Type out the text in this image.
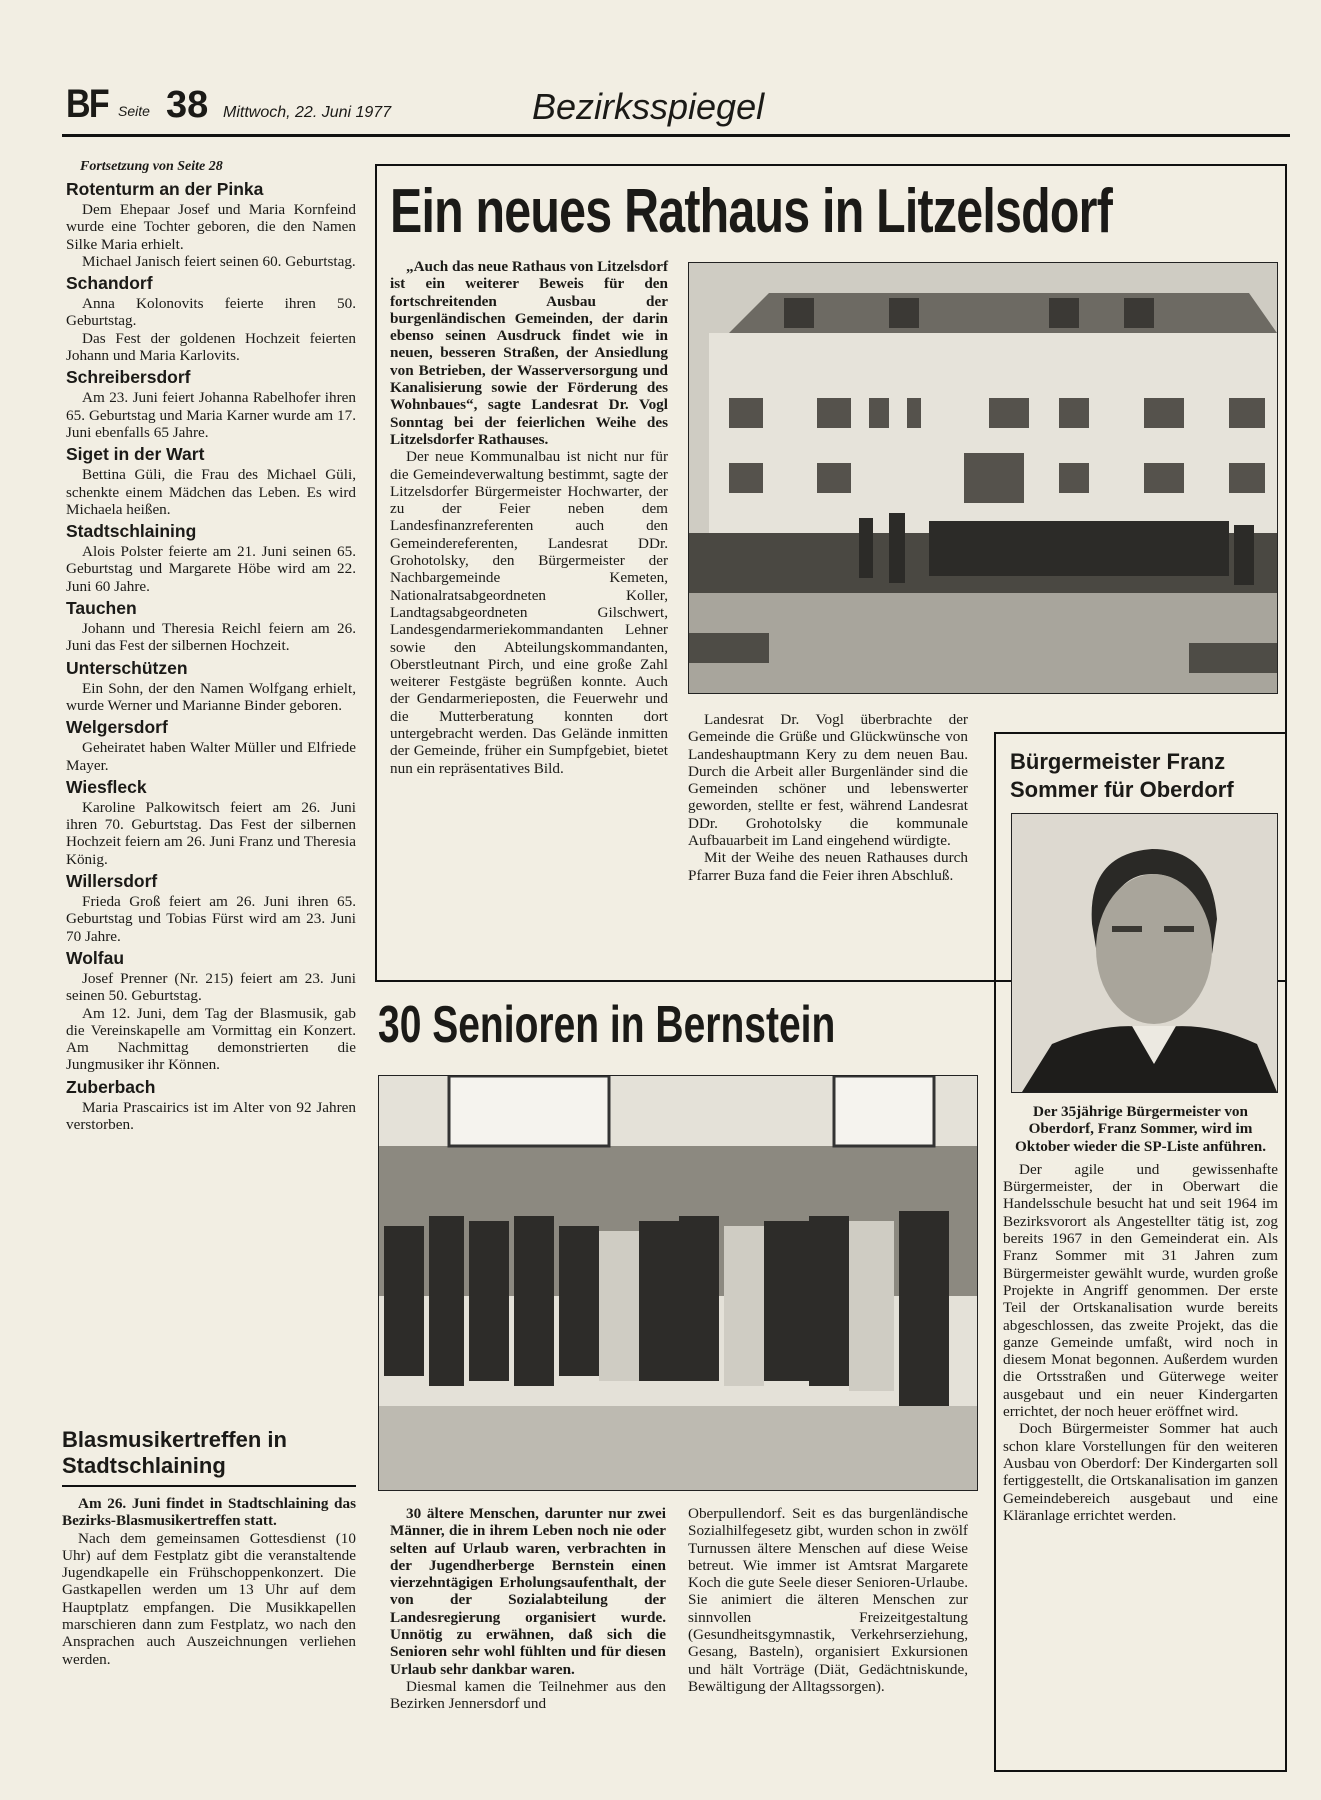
BF Seite 38 Mittwoch, 22. Juni 1977	Bezirksspiegel
Fortsetzung von Seite 28
Rotenturm an der Pinka

Dem Ehepaar Josef und Maria Kornfeind wurde eine Tochter geboren, die den Namen Silke Maria erhielt.

Michael Janisch feiert seinen 60. Geburtstag.

Schandorf

Anna Kolonovits feierte ihren 50. Geburtstag.

Das Fest der goldenen Hochzeit feierten Johann und Maria Karlovits.

Schreibersdorf

Am 23. Juni feiert Johanna Rabelhofer ihren 65. Geburtstag und Maria Karner wurde am 17. Juni ebenfalls 65 Jahre.

Siget in der Wart

Bettina Güli, die Frau des Michael Güli, schenkte einem Mädchen das Leben. Es wird Michaela heißen.

Stadtschlaining

Alois Polster feierte am 21. Juni seinen 65. Geburtstag und Margarete Höbe wird am 22. Juni 60 Jahre.

Tauchen

Johann und Theresia Reichl feiern am 26. Juni das Fest der silbernen Hochzeit.

Unterschützen

Ein Sohn, der den Namen Wolfgang erhielt, wurde Werner und Marianne Binder geboren.

Welgersdorf

Geheiratet haben Walter Müller und Elfriede Mayer.

Wiesfleck

Karoline Palkowitsch feiert am 26. Juni ihren 70. Geburtstag. Das Fest der silbernen Hochzeit feiern am 26. Juni Franz und Theresia König.

Willersdorf

Frieda Groß feiert am 26. Juni ihren 65. Geburtstag und Tobias Fürst wird am 23. Juni 70 Jahre.

Wolfau

Josef Prenner (Nr. 215) feiert am 23. Juni seinen 50. Geburtstag.

Am 12. Juni, dem Tag der Blasmusik, gab die Vereinskapelle am Vormittag ein Konzert. Am Nachmittag demonstrierten die Jungmusiker ihr Können.

Zuberbach

Maria Prascairics ist im Alter von 92 Jahren verstorben.

Blasmusikertreffen in Stadtschlaining

Am 26. Juni findet in Stadtschlaining das Bezirks-Blasmusikertreffen statt.

Nach dem gemeinsamen Gottesdienst (10 Uhr) auf dem Festplatz gibt die veranstaltende Jugendkapelle ein Frühschoppenkonzert. Die Gastkapellen werden um 13 Uhr auf dem Hauptplatz empfangen. Die Musikkapellen marschieren dann zum Festplatz, wo nach den Ansprachen auch Auszeichnungen verliehen werden.

Ein neues Rathaus in Litzelsdorf

„Auch das neue Rathaus von Litzelsdorf ist ein weiterer Beweis für den fortschreitenden Ausbau der burgenländischen Gemeinden, der darin ebenso seinen Ausdruck findet wie in neuen, besseren Straßen, der Ansiedlung von Betrieben, der Wasserversorgung und Kanalisierung sowie der Förderung des Wohnbaues“, sagte Landesrat Dr. Vogl Sonntag bei der feierlichen Weihe des Litzelsdorfer Rathauses.

Der neue Kommunalbau ist nicht nur für die Gemeindeverwaltung bestimmt, sagte der Litzelsdorfer Bürgermeister Hochwarter, der zu der Feier neben dem Landesfinanzreferenten auch den Gemeindereferenten, Landesrat DDr. Grohotolsky, den Bürgermeister der Nachbargemeinde Kemeten, Nationalratsabgeordneten Koller, Landtagsabgeordneten Gilschwert, Landesgendarmeriekommandanten Lehner sowie den Abteilungskommandanten, Oberstleutnant Pirch, und eine große Zahl weiterer Festgäste begrüßen konnte. Auch der Gendarmerieposten, die Feuerwehr und die Mutterberatung konnten dort untergebracht werden. Das Gelände inmitten der Gemeinde, früher ein Sumpfgebiet, bietet nun ein repräsentatives Bild.

Landesrat Dr. Vogl überbrachte der Gemeinde die Grüße und Glückwünsche von Landeshauptmann Kery zu dem neuen Bau. Durch die Arbeit aller Burgenländer sind die Gemeinden schöner und lebenswerter geworden, stellte er fest, während Landesrat DDr. Grohotolsky die kommunale Aufbauarbeit im Land eingehend würdigte.

Mit der Weihe des neuen Rathauses durch Pfarrer Buza fand die Feier ihren Abschluß.

Bürgermeister Franz Sommer für Oberdorf

Der 35jährige Bürgermeister von Oberdorf, Franz Sommer, wird im Oktober wieder die SP-Liste anführen.

Der agile und gewissenhafte Bürgermeister, der in Oberwart die Handelsschule besucht hat und seit 1964 im Bezirksvorort als Angestellter tätig ist, zog bereits 1967 in den Gemeinderat ein. Als Franz Sommer mit 31 Jahren zum Bürgermeister gewählt wurde, wurden große Projekte in Angriff genommen. Der erste Teil der Ortskanalisation wurde bereits abgeschlossen, das zweite Projekt, das die ganze Gemeinde umfaßt, wird noch in diesem Monat begonnen. Außerdem wurden die Ortsstraßen und Güterwege weiter ausgebaut und ein neuer Kindergarten errichtet, der noch heuer eröffnet wird.

Doch Bürgermeister Sommer hat auch schon klare Vorstellungen für den weiteren Ausbau von Oberdorf: Der Kindergarten soll fertiggestellt, die Ortskanalisation im ganzen Gemeindebereich ausgebaut und eine Kläranlage errichtet werden.

30 Senioren in Bernstein

30 ältere Menschen, darunter nur zwei Männer, die in ihrem Leben noch nie oder selten auf Urlaub waren, verbrachten in der Jugendherberge Bernstein einen vierzehntägigen Erholungsaufenthalt, der von der Sozialabteilung der Landesregierung organisiert wurde. Unnötig zu erwähnen, daß sich die Senioren sehr wohl fühlten und für diesen Urlaub sehr dankbar waren.

Diesmal kamen die Teilnehmer aus den Bezirken Jennersdorf und

Oberpullendorf. Seit es das burgenländische Sozialhilfegesetz gibt, wurden schon in zwölf Turnussen ältere Menschen auf diese Weise betreut. Wie immer ist Amtsrat Margarete Koch die gute Seele dieser Senioren-Urlaube. Sie animiert die älteren Menschen zur sinnvollen Freizeitgestaltung (Gesundheitsgymnastik, Verkehrserziehung, Gesang, Basteln), organisiert Exkursionen und hält Vorträge (Diät, Gedächtniskunde, Bewältigung der Alltagssorgen).
